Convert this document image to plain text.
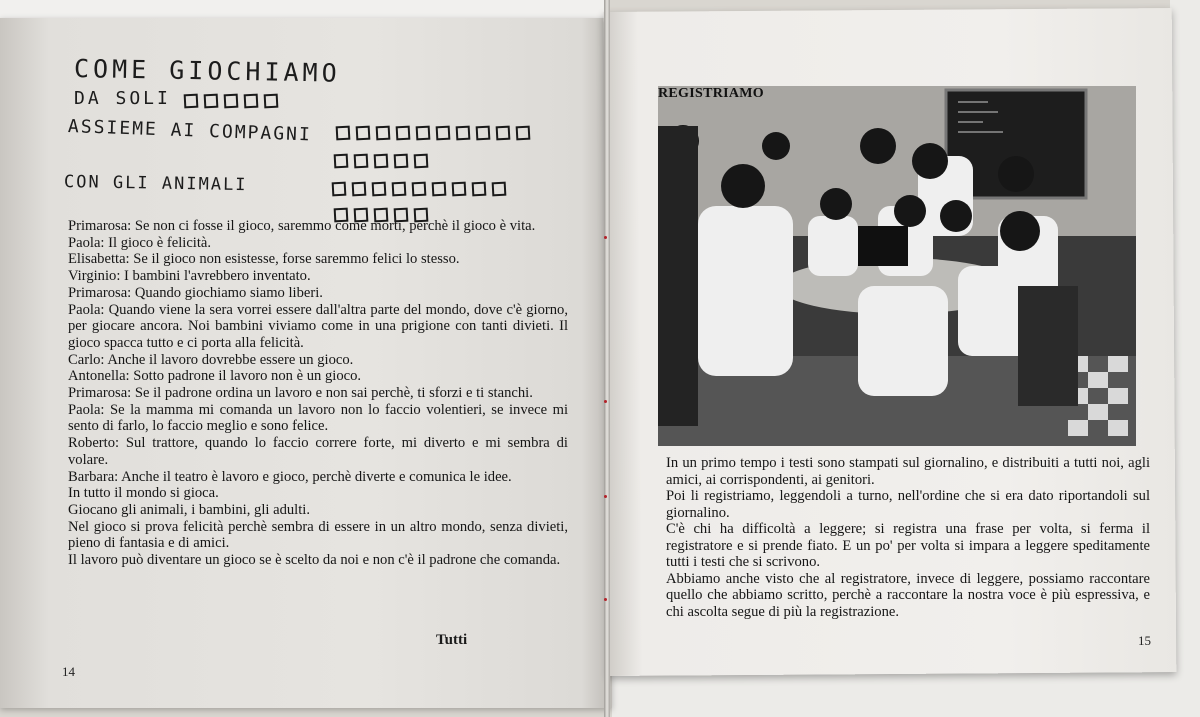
COME GIOCHIAMO
DA SOLI
ASSIEME AI COMPAGNI
CON GLI ANIMALI

Primarosa: Se non ci fosse il gioco, saremmo come morti, perchè il gioco è vita.

Paola: Il gioco è felicità.

Elisabetta: Se il gioco non esistesse, forse saremmo felici lo stesso.

Virginio: I bambini l'avrebbero inventato.

Primarosa: Quando giochiamo siamo liberi.

Paola: Quando viene la sera vorrei essere dall'altra parte del mondo, dove c'è giorno, per giocare ancora. Noi bambini viviamo come in una prigione con tanti divieti. Il gioco spacca tutto e ci porta alla felicità.

Carlo: Anche il lavoro dovrebbe essere un gioco.

Antonella: Sotto padrone il lavoro non è un gioco.

Primarosa: Se il padrone ordina un lavoro e non sai perchè, ti sforzi e ti stanchi.

Paola: Se la mamma mi comanda un lavoro non lo faccio volentieri, se invece mi sento di farlo, lo faccio meglio e sono felice.

Roberto: Sul trattore, quando lo faccio correre forte, mi diverto e mi sembra di volare.

Barbara: Anche il teatro è lavoro e gioco, perchè diverte e comunica le idee.

In tutto il mondo si gioca.

Giocano gli animali, i bambini, gli adulti.

Nel gioco si prova felicità perchè sembra di essere in un altro mondo, senza divieti, pieno di fantasia e di amici.

Il lavoro può diventare un gioco se è scelto da noi e non c'è il padrone che comanda.

Tutti
14
REGISTRIAMO

In un primo tempo i testi sono stampati sul giornalino, e distribuiti a tutti noi, agli amici, ai corrispondenti, ai genitori.

Poi li registriamo, leggendoli a turno, nell'ordine che si era dato riportandoli sul giornalino.

C'è chi ha difficoltà a leggere; si registra una frase per volta, si ferma il registratore e si prende fiato. E un po' per volta si impara a leggere speditamente tutti i testi che si scrivono.

Abbiamo anche visto che al registratore, invece di leggere, possiamo raccontare quello che abbiamo scritto, perchè a raccontare la nostra voce è più espressiva, e chi ascolta segue di più la registrazione.

15
